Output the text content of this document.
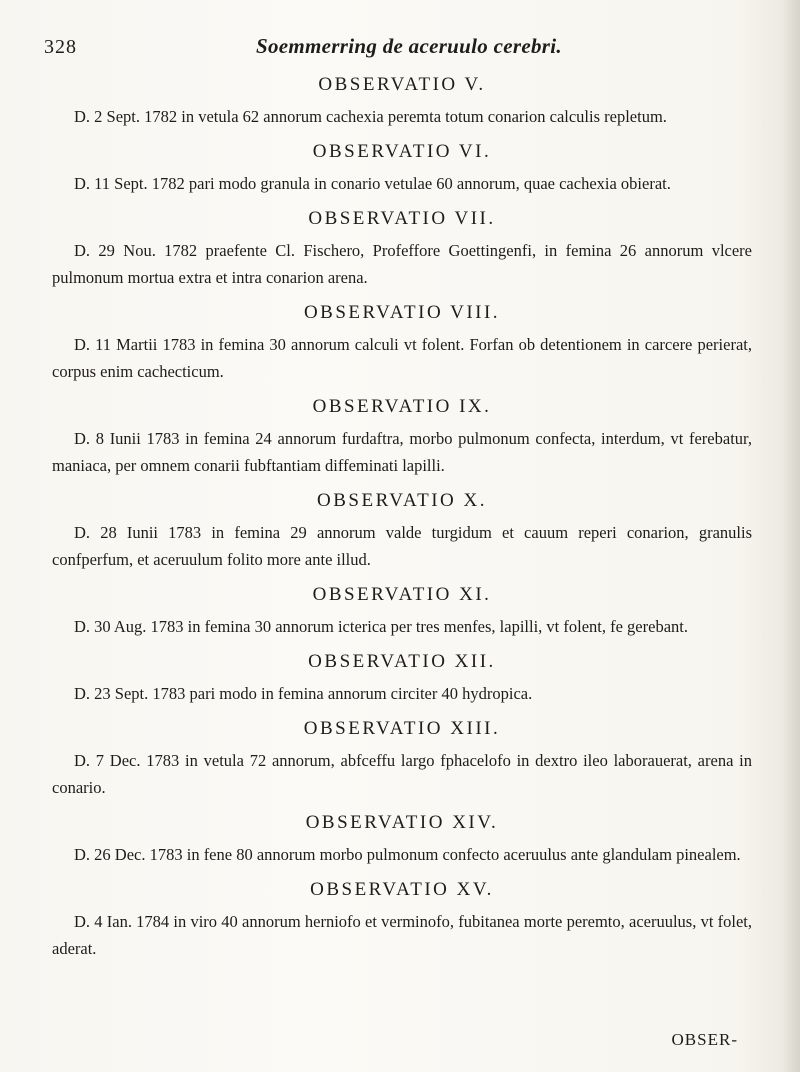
328	Soemmerring de aceruulo cerebri.
OBSERVATIO V.

D. 2 Sept. 1782 in vetula 62 annorum cachexia peremta totum conarion calculis repletum.

OBSERVATIO VI.

D. 11 Sept. 1782 pari modo granula in conario vetulae 60 annorum, quae cachexia obierat.

OBSERVATIO VII.

D. 29 Nou. 1782 praefente Cl. Fischero, Profeffore Goettingenfi, in femina 26 annorum vlcere pulmonum mortua extra et intra conarion arena.

OBSERVATIO VIII.

D. 11 Martii 1783 in femina 30 annorum calculi vt folent. Forfan ob detentionem in carcere perierat, corpus enim cacheсticum.

OBSERVATIO IX.

D. 8 Iunii 1783 in femina 24 annorum furdaftra, morbo pulmonum confecta, interdum, vt ferebatur, maniaca, per omnem conarii fubftantiam diffeminati lapilli.

OBSERVATIO X.

D. 28 Iunii 1783 in femina 29 annorum valde turgidum et cauum reperi conarion, granulis confperfum, et aceruulum folito more ante illud.

OBSERVATIO XI.

D. 30 Aug. 1783 in femina 30 annorum icterica per tres menfes, lapilli, vt folent, fe gerebant.

OBSERVATIO XII.

D. 23 Sept. 1783 pari modo in femina annorum circiter 40 hydropica.

OBSERVATIO XIII.

D. 7 Dec. 1783 in vetula 72 annorum, abfceffu largo fphacelofo in dextro ileo laborauerat, arena in conario.

OBSERVATIO XIV.

D. 26 Dec. 1783 in fene 80 annorum morbo pulmonum confecto aceruulus ante glandulam pinealem.

OBSERVATIO XV.

D. 4 Ian. 1784 in viro 40 annorum herniofo et verminofo, fubitanea morte peremto, aceruulus, vt folet, aderat.

OBSER-
